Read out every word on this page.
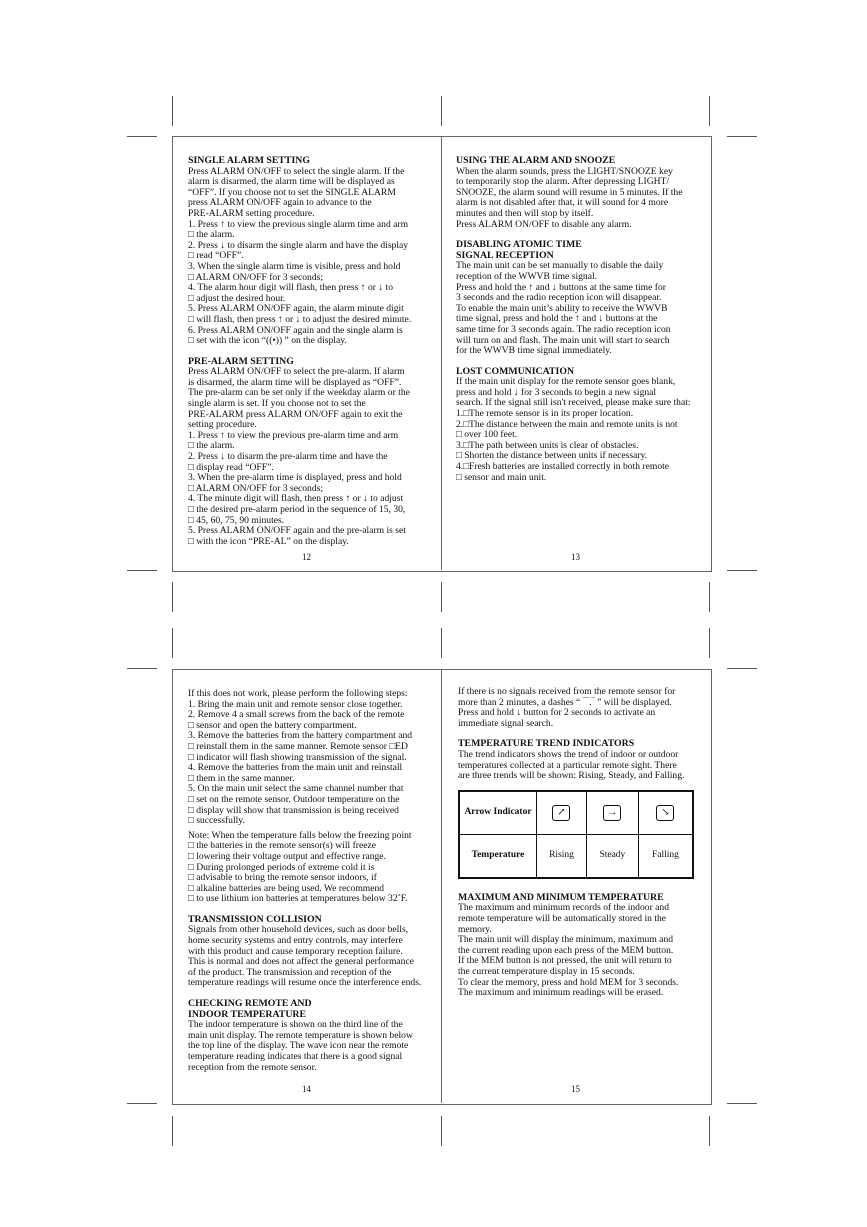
SINGLE ALARM SETTING

Press ALARM ON/OFF to select the single alarm. If the

alarm is disarmed, the alarm time will be displayed as

“OFF”. If you choose not to set the SINGLE ALARM

press ALARM ON/OFF again to advance to the

PRE-ALARM setting procedure.

1. Press ↑ to view the previous single alarm time and arm

□ the alarm.

2. Press ↓ to disarm the single alarm and have the display

□ read “OFF”.

3. When the single alarm time is visible, press and hold

□ ALARM ON/OFF for 3 seconds;

4. The alarm hour digit will flash, then press ↑ or ↓ to

□ adjust the desired hour.

5. Press ALARM ON/OFF again, the alarm minute digit

□ will flash, then press ↑ or ↓ to adjust the desired minute.

6. Press ALARM ON/OFF again and the single alarm is

□ set with the icon “((•)) ” on the display.

PRE-ALARM SETTING

Press ALARM ON/OFF to select the pre-alarm. If alarm

is disarmed, the alarm time will be displayed as “OFF”.

The pre-alarm can be set only if the weekday alarm or the

single alarm is set. If you choose not to set the

PRE-ALARM press ALARM ON/OFF again to exit the

setting procedure.

1. Press ↑ to view the previous pre-alarm time and arm

□ the alarm.

2. Press ↓ to disarm the pre-alarm time and have the

□ display read “OFF”.

3. When the pre-alarm time is displayed, press and hold

□ ALARM ON/OFF for 3 seconds;

4. The minute digit will flash, then press ↑ or ↓ to adjust

□ the desired pre-alarm period in the sequence of 15, 30,

□ 45, 60, 75, 90 minutes.

5. Press ALARM ON/OFF again and the pre-alarm is set

□ with the icon “PRE-AL” on the display.

12

USING THE ALARM AND SNOOZE

When the alarm sounds, press the LIGHT/SNOOZE key

to temporarily stop the alarm. After depressing LIGHT/

SNOOZE, the alarm sound will resume in 5 minutes. If the

alarm is not disabled after that, it will sound for 4 more

minutes and then will stop by itself.

Press ALARM ON/OFF to disable any alarm.

DISABLING ATOMIC TIME

SIGNAL RECEPTION

The main unit can be set manually to disable the daily

reception of the WWVB time signal.

Press and hold the ↑ and ↓ buttons at the same time for

3 seconds and the radio reception icon will disappear.

To enable the main unit’s ability to receive the WWVB

time signal, press and hold the ↑ and ↓ buttons at the

same time for 3 seconds again. The radio reception icon

will turn on and flash. The main unit will start to search

for the WWVB time signal immediately.

LOST COMMUNICATION

If the main unit display for the remote sensor goes blank,

press and hold ↓ for 3 seconds to begin a new signal

search. If the signal still isn't received, please make sure that:

1.□The remote sensor is in its proper location.

2.□The distance between the main and remote units is not

□ over 100 feet.

3.□The path between units is clear of obstacles.

□ Shorten the distance between units if necessary.

4.□Fresh batteries are installed correctly in both remote

□ sensor and main unit.

13

If this does not work, please perform the following steps:

1. Bring the main unit and remote sensor close together.

2. Remove 4 a small screws from the back of the remote

□ sensor and open the battery compartment.

3. Remove the batteries from the battery compartment and

□ reinstall them in the same manner. Remote sensor □ED

□ indicator will flash showing transmission of the signal.

4. Remove the batteries from the main unit and reinstall

□ them in the same manner.

5. On the main unit select the same channel number that

□ set on the remote sensor. Outdoor temperature on the

□ display will show that transmission is being received

□ successfully.

Note: When the temperature falls below the freezing point

□ the batteries in the remote sensor(s) will freeze

□ lowering their voltage output and effective range.

□ During prolonged periods of extreme cold it is

□ advisable to bring the remote sensor indoors, if

□ alkaline batteries are being used. We recommend

□ to use lithium ion batteries at temperatures below 32˚F.

TRANSMISSION COLLISION

Signals from other household devices, such as door bells,

home security systems and entry controls, may interfere

with this product and cause temporary reception failure.

This is normal and does not affect the general performance

of the product. The transmission and reception of the

temperature readings will resume once the interference ends.

CHECKING REMOTE AND

INDOOR TEMPERATURE

The indoor temperature is shown on the third line of the

main unit display. The remote temperature is shown below

the top line of the display. The wave icon near the remote

temperature reading indicates that there is a good signal

reception from the remote sensor.

14

If there is no signals received from the remote sensor for

more than 2 minutes, a dashes “ ‾‾.‾ ” will be displayed.

Press and hold ↓ button for 2 seconds to activate an

immediate signal search.

TEMPERATURE TREND INDICATORS

The trend indicators shows the trend of indoor or outdoor

temperatures collected at a particular remote sight. There

are three trends will be shown: Rising, Steady, and Falling.

Arrow Indicator	↗	→	↘
Temperature	Rising	Steady	Falling

MAXIMUM AND MINIMUM TEMPERATURE

The maximum and minimum records of the indoor and

remote temperature will be automatically stored in the

memory.

The main unit will display the minimum, maximum and

the current reading upon each press of the MEM button.

If the MEM button is not pressed, the unit will return to

the current temperature display in 15 seconds.

To clear the memory, press and hold MEM for 3 seconds.

The maximum and minimum readings will be erased.

15
